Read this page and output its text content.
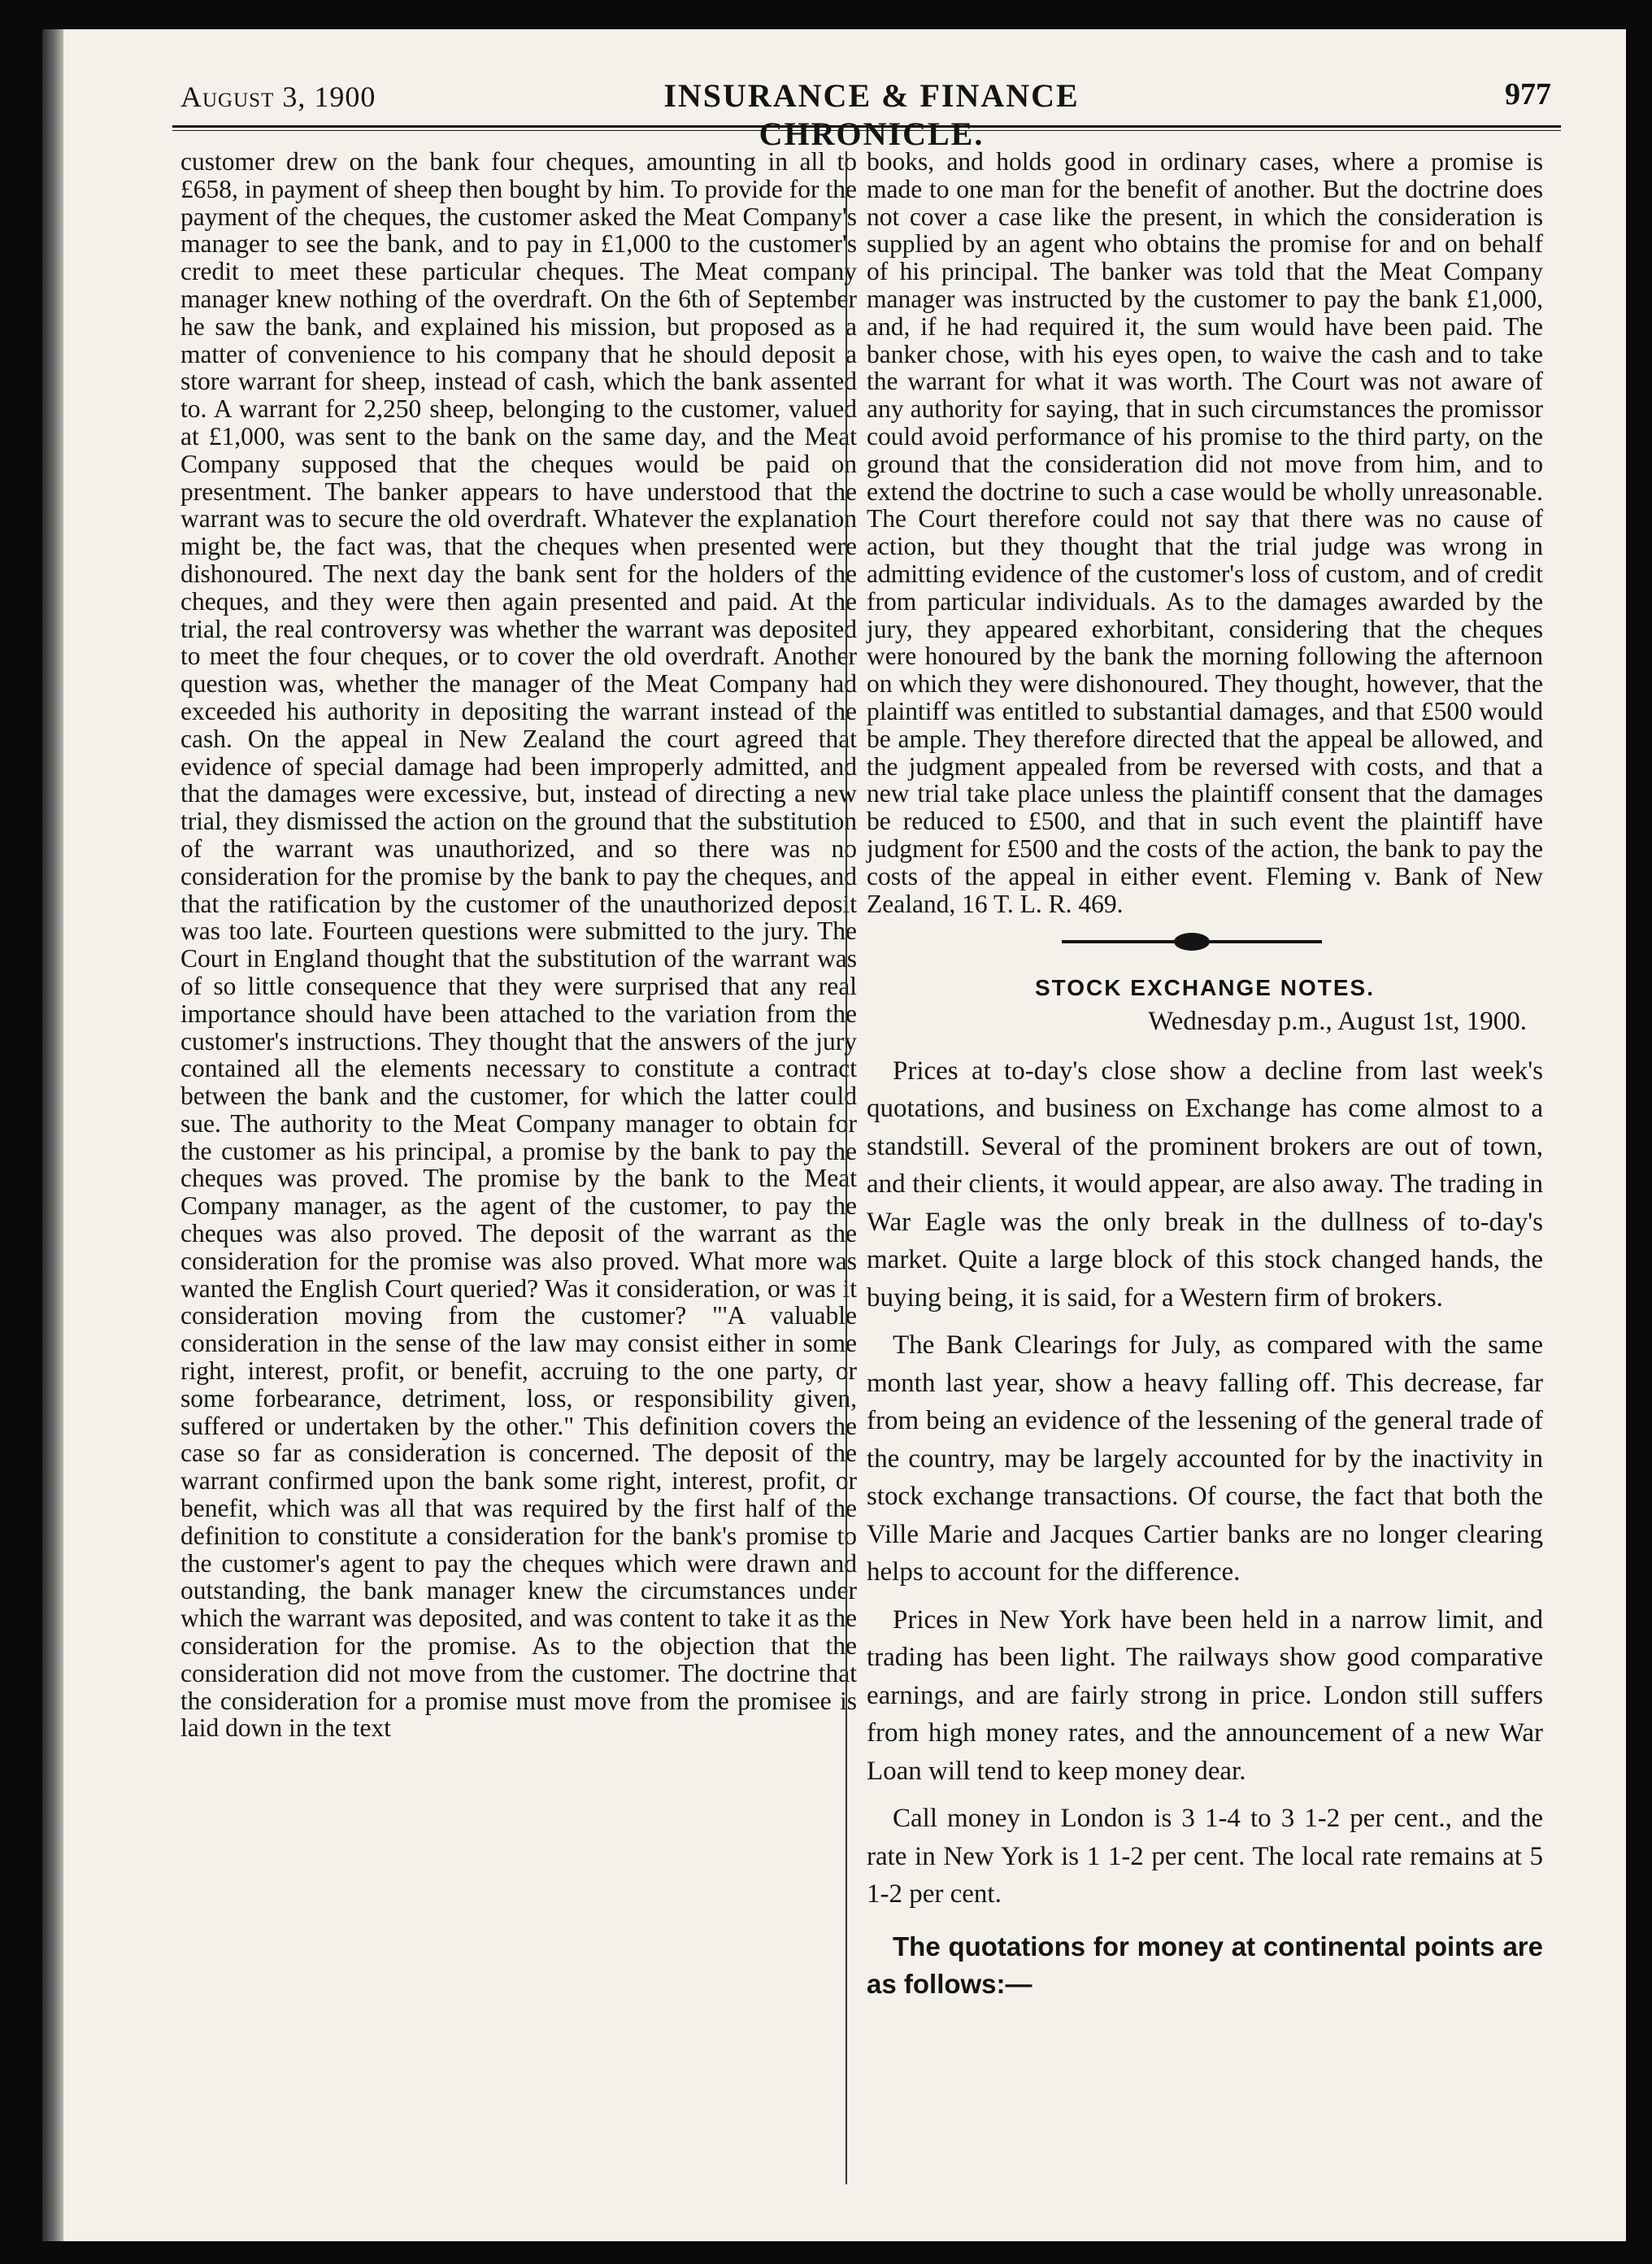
August 3, 1900	INSURANCE & FINANCE CHRONICLE.
977

customer drew on the bank four cheques, amounting in all to £658, in payment of sheep then bought by him. To provide for the payment of the cheques, the customer asked the Meat Company's manager to see the bank, and to pay in £1,000 to the customer's credit to meet these particular cheques. The Meat company manager knew nothing of the overdraft. On the 6th of September he saw the bank, and explained his mission, but proposed as a matter of convenience to his company that he should deposit a store warrant for sheep, instead of cash, which the bank assented to. A warrant for 2,250 sheep, belonging to the customer, valued at £1,000, was sent to the bank on the same day, and the Meat Company supposed that the cheques would be paid on presentment. The banker appears to have understood that the warrant was to secure the old overdraft. Whatever the explanation might be, the fact was, that the cheques when presented were dishonoured. The next day the bank sent for the holders of the cheques, and they were then again presented and paid. At the trial, the real controversy was whether the warrant was deposited to meet the four cheques, or to cover the old overdraft. Another question was, whether the manager of the Meat Company had exceeded his authority in depositing the warrant instead of the cash. On the appeal in New Zealand the court agreed that evidence of special damage had been improperly admitted, and that the damages were excessive, but, instead of directing a new trial, they dismissed the action on the ground that the substitution of the warrant was unauthorized, and so there was no consideration for the promise by the bank to pay the cheques, and that the ratification by the customer of the unauthorized deposit was too late. Fourteen questions were submitted to the jury. The Court in England thought that the substitution of the warrant was of so little consequence that they were surprised that any real importance should have been attached to the variation from the customer's instructions. They thought that the answers of the jury contained all the elements necessary to constitute a contract between the bank and the customer, for which the latter could sue. The authority to the Meat Company manager to obtain for the customer as his principal, a promise by the bank to pay the cheques was proved. The promise by the bank to the Meat Company manager, as the agent of the customer, to pay the cheques was also proved. The deposit of the warrant as the consideration for the promise was also proved. What more was wanted the English Court queried? Was it consideration, or was it consideration moving from the customer? "'A valuable consideration in the sense of the law may consist either in some right, interest, profit, or benefit, accruing to the one party, or some forbearance, detriment, loss, or responsibility given, suffered or undertaken by the other." This definition covers the case so far as consideration is concerned. The deposit of the warrant confirmed upon the bank some right, interest, profit, or benefit, which was all that was required by the first half of the definition to constitute a consideration for the bank's promise to the customer's agent to pay the cheques which were drawn and outstanding, the bank manager knew the circumstances under which the warrant was deposited, and was content to take it as the consideration for the promise. As to the objection that the consideration did not move from the customer. The doctrine that the consideration for a promise must move from the promisee is laid down in the text

books, and holds good in ordinary cases, where a promise is made to one man for the benefit of another. But the doctrine does not cover a case like the present, in which the consideration is supplied by an agent who obtains the promise for and on behalf of his principal. The banker was told that the Meat Company manager was instructed by the customer to pay the bank £1,000, and, if he had required it, the sum would have been paid. The banker chose, with his eyes open, to waive the cash and to take the warrant for what it was worth. The Court was not aware of any authority for saying, that in such circumstances the promissor could avoid performance of his promise to the third party, on the ground that the consideration did not move from him, and to extend the doctrine to such a case would be wholly unreasonable. The Court therefore could not say that there was no cause of action, but they thought that the trial judge was wrong in admitting evidence of the customer's loss of custom, and of credit from particular individuals. As to the damages awarded by the jury, they appeared exhorbitant, considering that the cheques were honoured by the bank the morning following the afternoon on which they were dishonoured. They thought, however, that the plaintiff was entitled to substantial damages, and that £500 would be ample. They therefore directed that the appeal be allowed, and the judgment appealed from be reversed with costs, and that a new trial take place unless the plaintiff consent that the damages be reduced to £500, and that in such event the plaintiff have judgment for £500 and the costs of the action, the bank to pay the costs of the appeal in either event. Fleming v. Bank of New Zealand, 16 T. L. R. 469.

STOCK EXCHANGE NOTES.
Wednesday p.m., August 1st, 1900.

Prices at to-day's close show a decline from last week's quotations, and business on Exchange has come almost to a standstill. Several of the prominent brokers are out of town, and their clients, it would appear, are also away. The trading in War Eagle was the only break in the dullness of to-day's market. Quite a large block of this stock changed hands, the buying being, it is said, for a Western firm of brokers.

The Bank Clearings for July, as compared with the same month last year, show a heavy falling off. This decrease, far from being an evidence of the lessening of the general trade of the country, may be largely accounted for by the inactivity in stock exchange transactions. Of course, the fact that both the Ville Marie and Jacques Cartier banks are no longer clearing helps to account for the difference.

Prices in New York have been held in a narrow limit, and trading has been light. The railways show good comparative earnings, and are fairly strong in price. London still suffers from high money rates, and the announcement of a new War Loan will tend to keep money dear.

Call money in London is 3 1-4 to 3 1-2 per cent., and the rate in New York is 1 1-2 per cent. The local rate remains at 5 1-2 per cent.

The quotations for money at continental points are as follows:—
